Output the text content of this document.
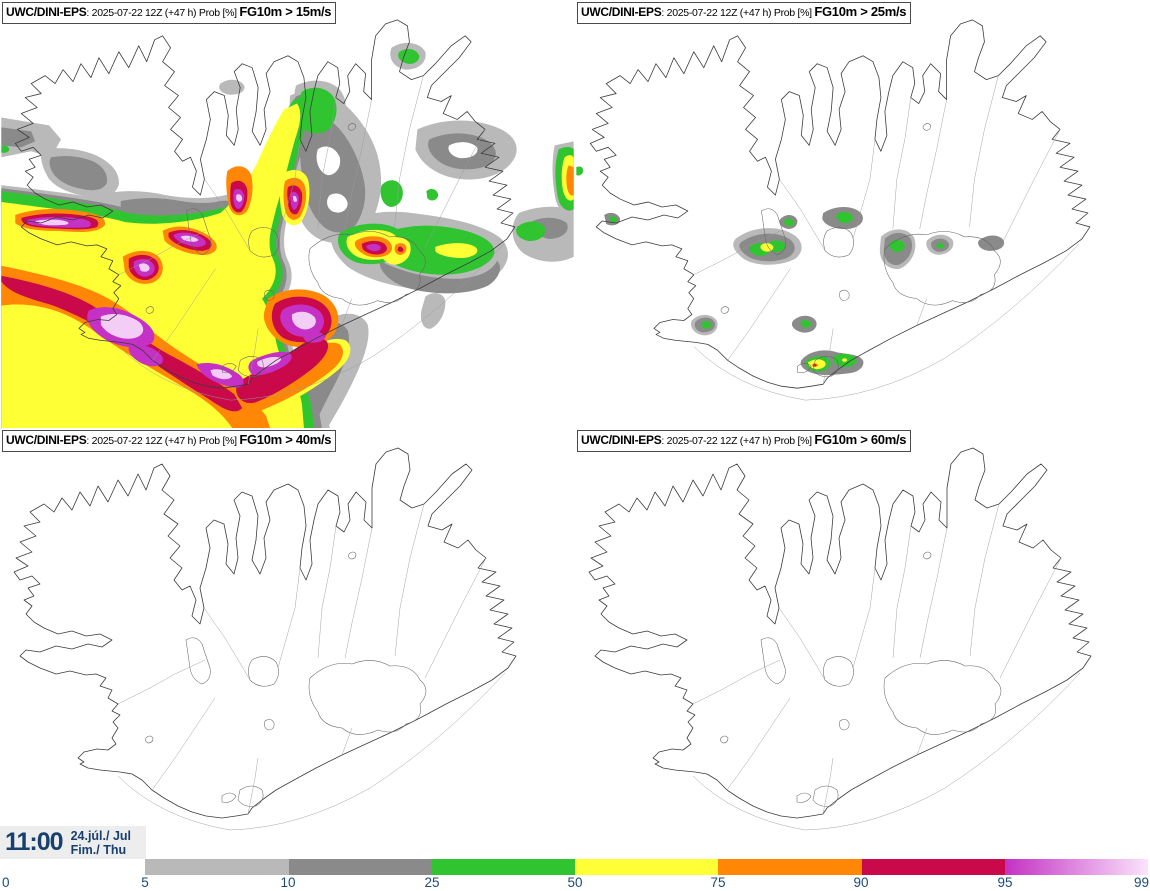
UWC/DINI-EPS: 2025-07-22 12Z (+47 h) Prob [%] FG10m > 15m/s	UWC/DINI-EPS: 2025-07-22 12Z (+47 h) Prob [%] FG10m > 25m/s
UWC/DINI-EPS: 2025-07-22 12Z (+47 h) Prob [%] FG10m > 40m/s	UWC/DINI-EPS: 2025-07-22 12Z (+47 h) Prob [%] FG10m > 60m/s
11:00 24.júl./ Jul
Fim./ Thu
0	5	10	25	50	75	90	95	99
